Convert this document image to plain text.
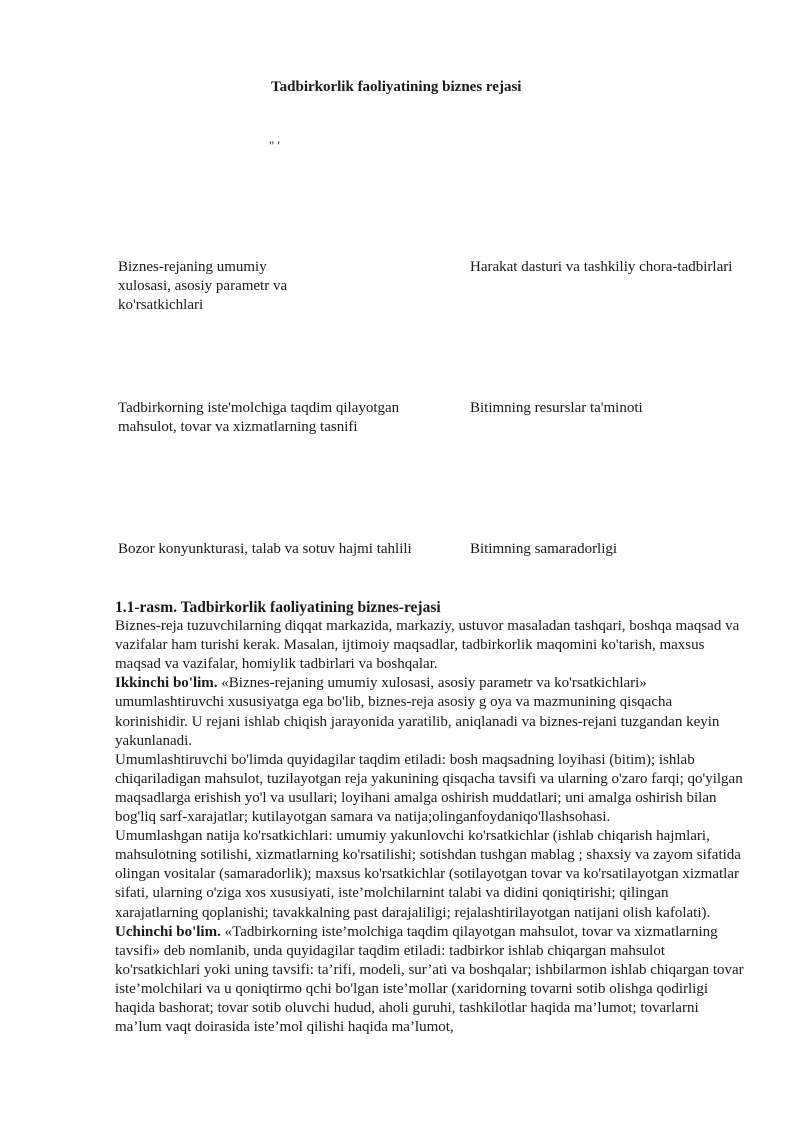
Tadbirkorlik faoliyatining biznes rejasi
" '
Biznes-rejaning umumiy xulosasi, asosiy parametr va ko'rsatkichlari
Harakat dasturi va tashkiliy chora-tadbirlari
Tadbirkorning iste'molchiga taqdim qilayotgan mahsulot, tovar va xizmatlarning tasnifi
Bitimning resurslar ta'minoti
Bozor konyunkturasi, talab va sotuv hajmi tahlili	Bitimning samaradorligi

1.1-rasm. Tadbirkorlik faoliyatining biznes-rejasi

Biznes-reja tuzuvchilarning diqqat markazida, markaziy, ustuvor masaladan tashqari, boshqa maqsad va vazifalar ham turishi kerak. Masalan, ijtimoiy maqsadlar, tadbirkorlik maqomini ko'tarish, maxsus maqsad va vazifalar, homiylik tadbirlari va boshqalar.

Ikkinchi bo'lim. «Biznes-rejaning umumiy xulosasi, asosiy parametr va ko'rsatkichlari» umumlashtiruvchi xususiyatga ega bo'lib, biznes-reja asosiy g oya va mazmunining qisqacha korinishidir. U rejani ishlab chiqish jarayonida yaratilib, aniqlanadi va biznes-rejani tuzgandan keyin yakunlanadi.

Umumlashtiruvchi bo'limda quyidagilar taqdim etiladi: bosh maqsadning loyihasi (bitim); ishlab chiqariladigan mahsulot, tuzilayotgan reja yakunining qisqacha tavsifi va ularning o'zaro farqi; qo'yilgan maqsadlarga erishish yo'l va usullari; loyihani amalga oshirish muddatlari; uni amalga oshirish bilan bog'liq sarf-xarajatlar; kutilayotgan samara va natija;olinganfoydaniqo'llashsohasi.

Umumlashgan natija ko'rsatkichlari: umumiy yakunlovchi ko'rsatkichlar (ishlab chiqarish hajmlari, mahsulotning sotilishi, xizmatlarning ko'rsatilishi; sotishdan tushgan mablag ; shaxsiy va zayom sifatida olingan vositalar (samaradorlik); maxsus ko'rsatkichlar (sotilayotgan tovar va ko'rsatilayotgan xizmatlar sifati, ularning o'ziga xos xususiyati, iste’molchilarnint talabi va didini qoniqtirishi; qilingan xarajatlarning qoplanishi; tavakkalning past darajaliligi; rejalashtirilayotgan natijani olish kafolati).

Uchinchi bo'lim. «Tadbirkorning iste’molchiga taqdim qilayotgan mahsulot, tovar va xizmatlarning tavsifi» deb nomlanib, unda quyidagilar taqdim etiladi: tadbirkor ishlab chiqargan mahsulot ko'rsatkichlari yoki uning tavsifi: ta’rifi, modeli, sur’ati va boshqalar; ishbilarmon ishlab chiqargan tovar iste’molchilari va u qoniqtirmo qchi bo'lgan iste’mollar (xaridorning tovarni sotib olishga qodirligi haqida bashorat; tovar sotib oluvchi hudud, aholi guruhi, tashkilotlar haqida ma’lumot; tovarlarni ma’lum vaqt doirasida iste’mol qilishi haqida ma’lumot,
